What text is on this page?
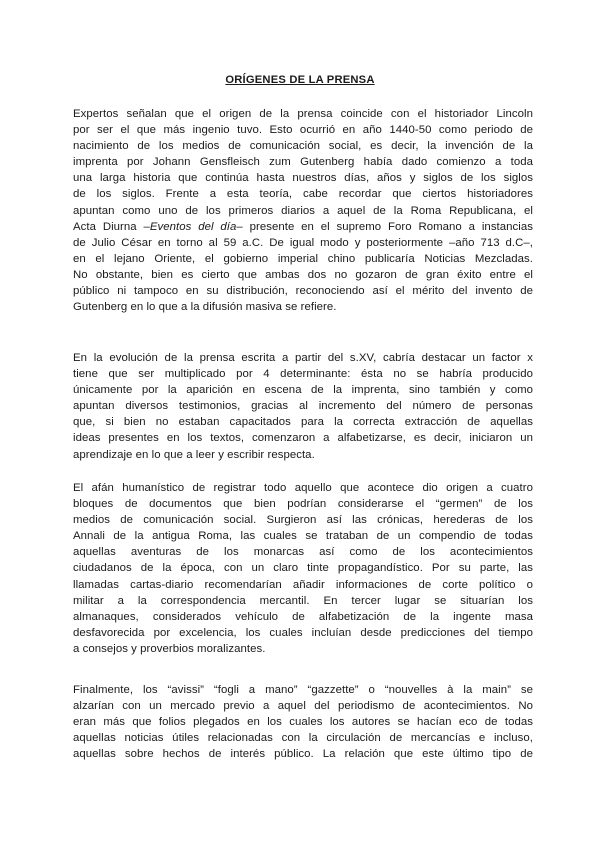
ORÍGENES DE LA PRENSA
Expertos señalan que el origen de la prensa coincide con el historiador Lincoln
por ser el que más ingenio tuvo. Esto ocurrió en año 1440-50 como periodo de
nacimiento de los medios de comunicación social, es decir, la invención de la
imprenta por Johann Gensfleisch zum Gutenberg había dado comienzo a toda
una larga historia que continúa hasta nuestros días, años y siglos de los siglos
de los siglos. Frente a esta teoría, cabe recordar que ciertos historiadores
apuntan como uno de los primeros diarios a aquel de la Roma Republicana, el
Acta Diurna –Eventos del día– presente en el supremo Foro Romano a instancias
de Julio César en torno al 59 a.C. De igual modo y posteriormente –año 713 d.C–,
en el lejano Oriente, el gobierno imperial chino publicaría Noticias Mezcladas.
No obstante, bien es cierto que ambas dos no gozaron de gran éxito entre el
público ni tampoco en su distribución, reconociendo así el mérito del invento de
Gutenberg en lo que a la difusión masiva se refiere.
En la evolución de la prensa escrita a partir del s.XV, cabría destacar un factor x
tiene que ser multiplicado por 4 determinante: ésta no se habría producido
únicamente por la aparición en escena de la imprenta, sino también y como
apuntan diversos testimonios, gracias al incremento del número de personas
que, si bien no estaban capacitados para la correcta extracción de aquellas
ideas presentes en los textos, comenzaron a alfabetizarse, es decir, iniciaron un
aprendizaje en lo que a leer y escribir respecta.
El afán humanístico de registrar todo aquello que acontece dio origen a cuatro
bloques de documentos que bien podrían considerarse el “germen” de los
medios de comunicación social. Surgieron así las crónicas, herederas de los
Annali de la antigua Roma, las cuales se trataban de un compendio de todas
aquellas aventuras de los monarcas así como de los acontecimientos
ciudadanos de la época, con un claro tinte propagandístico. Por su parte, las
llamadas cartas-diario recomendarían añadir informaciones de corte político o
militar a la correspondencia mercantil. En tercer lugar se situarían los
almanaques, considerados vehículo de alfabetización de la ingente masa
desfavorecida por excelencia, los cuales incluían desde predicciones del tiempo
a consejos y proverbios moralizantes.
Finalmente, los “avissi” “fogli a mano” “gazzette” o “nouvelles à la main” se
alzarían con un mercado previo a aquel del periodismo de acontecimientos. No
eran más que folios plegados en los cuales los autores se hacían eco de todas
aquellas noticias útiles relacionadas con la circulación de mercancías e incluso,
aquellas sobre hechos de interés público. La relación que este último tipo de
